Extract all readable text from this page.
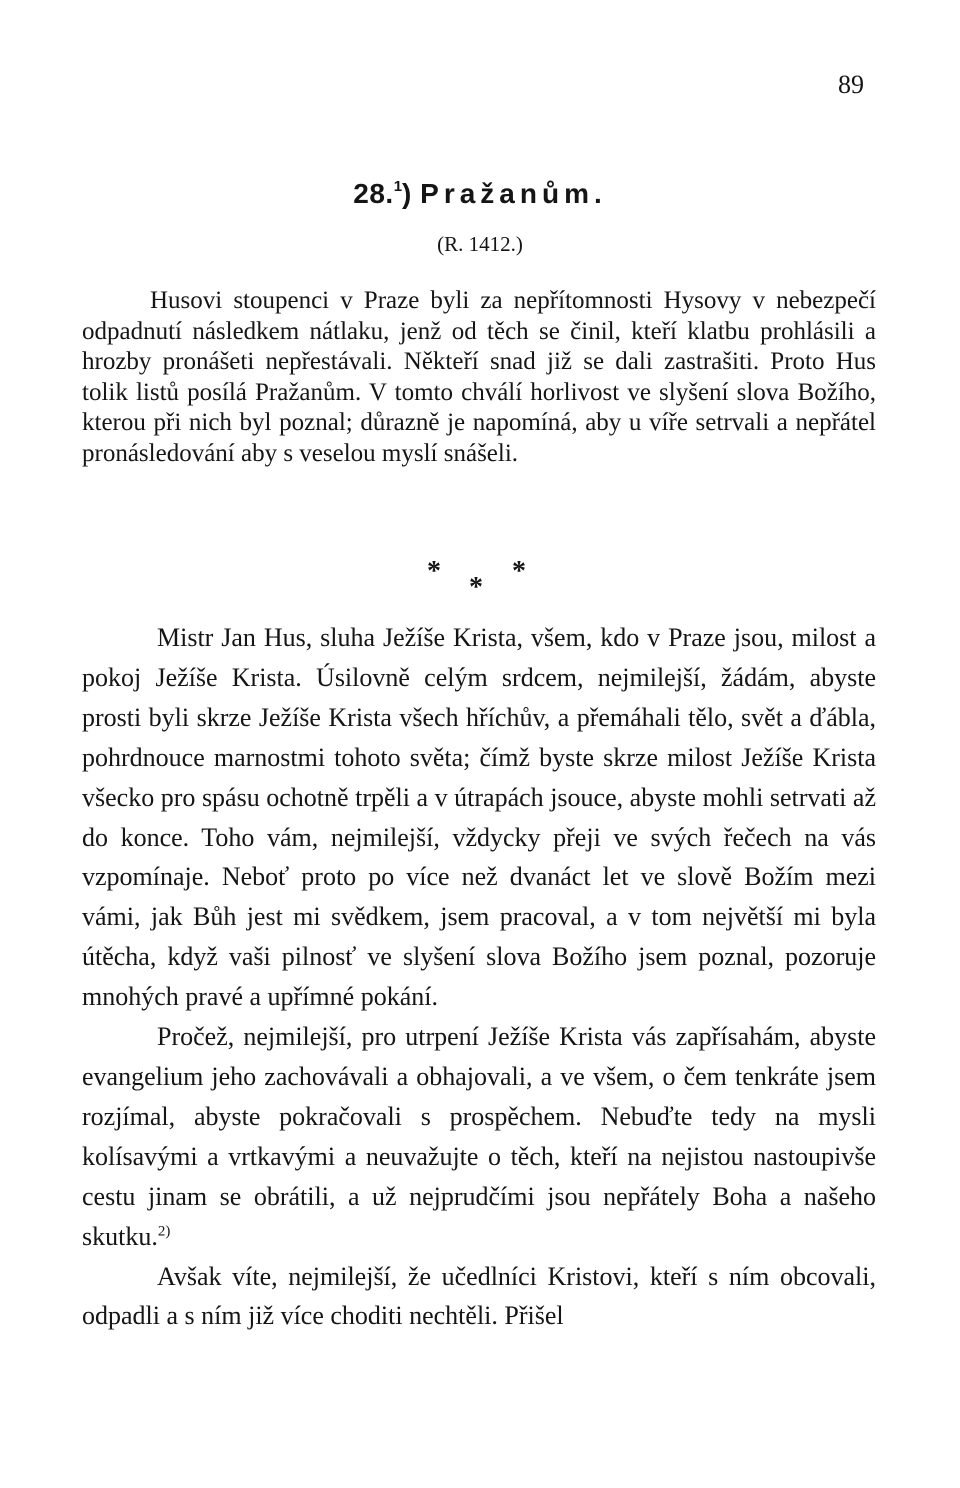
89
28.$^1$) Pražanům.
(R. 1412.)

Husovi stoupenci v Praze byli za nepřítomnosti Hysovy v nebezpečí odpadnutí následkem nátlaku, jenž od těch se činil, kteří klatbu prohlásili a hrozby pronášeti nepřestávali. Někteří snad již se dali zastrašiti. Proto Hus tolik listů posílá Pražanům. V tomto chválí horlivost ve slyšení slova Božího, kterou při nich byl poznal; důrazně je napomíná, aby u víře setrvali a nepřátel pronásledování aby s veselou myslí snášeli.

*	*
*

Mistr Jan Hus, sluha Ježíše Krista, všem, kdo v Praze jsou, milost a pokoj Ježíše Krista. Úsilovně celým srdcem, nejmilejší, žádám, abyste prosti byli skrze Ježíše Krista všech hříchův, a přemáhali tělo, svět a ďábla, pohrdnouce marnostmi tohoto světa; čímž byste skrze milost Ježíše Krista všecko pro spásu ochotně trpěli a v útrapách jsouce, abyste mohli setrvati až do konce. Toho vám, nejmilejší, vždycky přeji ve svých řečech na vás vzpomínaje. Neboť proto po více než dvanáct let ve slově Božím mezi vámi, jak Bůh jest mi svědkem, jsem pracoval, a v tom největší mi byla útěcha, když vaši pilnosť ve slyšení slova Božího jsem poznal, pozoruje mnohých pravé a upřímné pokání.

Pročež, nejmilejší, pro utrpení Ježíše Krista vás zapřísahám, abyste evangelium jeho zachovávali a obhajovali, a ve všem, o čem tenkráte jsem rozjímal, abyste pokračovali s prospěchem. Nebuďte tedy na mysli kolísavými a vrtkavými a neuvažujte o těch, kteří na nejistou nastoupivše cestu jinam se obrátili, a už nejprudčími jsou nepřátely Boha a našeho skutku.$^{2)}$

Avšak víte, nejmilejší, že učedlníci Kristovi, kteří s ním obcovali, odpadli a s ním již více choditi nechtěli. Přišel
